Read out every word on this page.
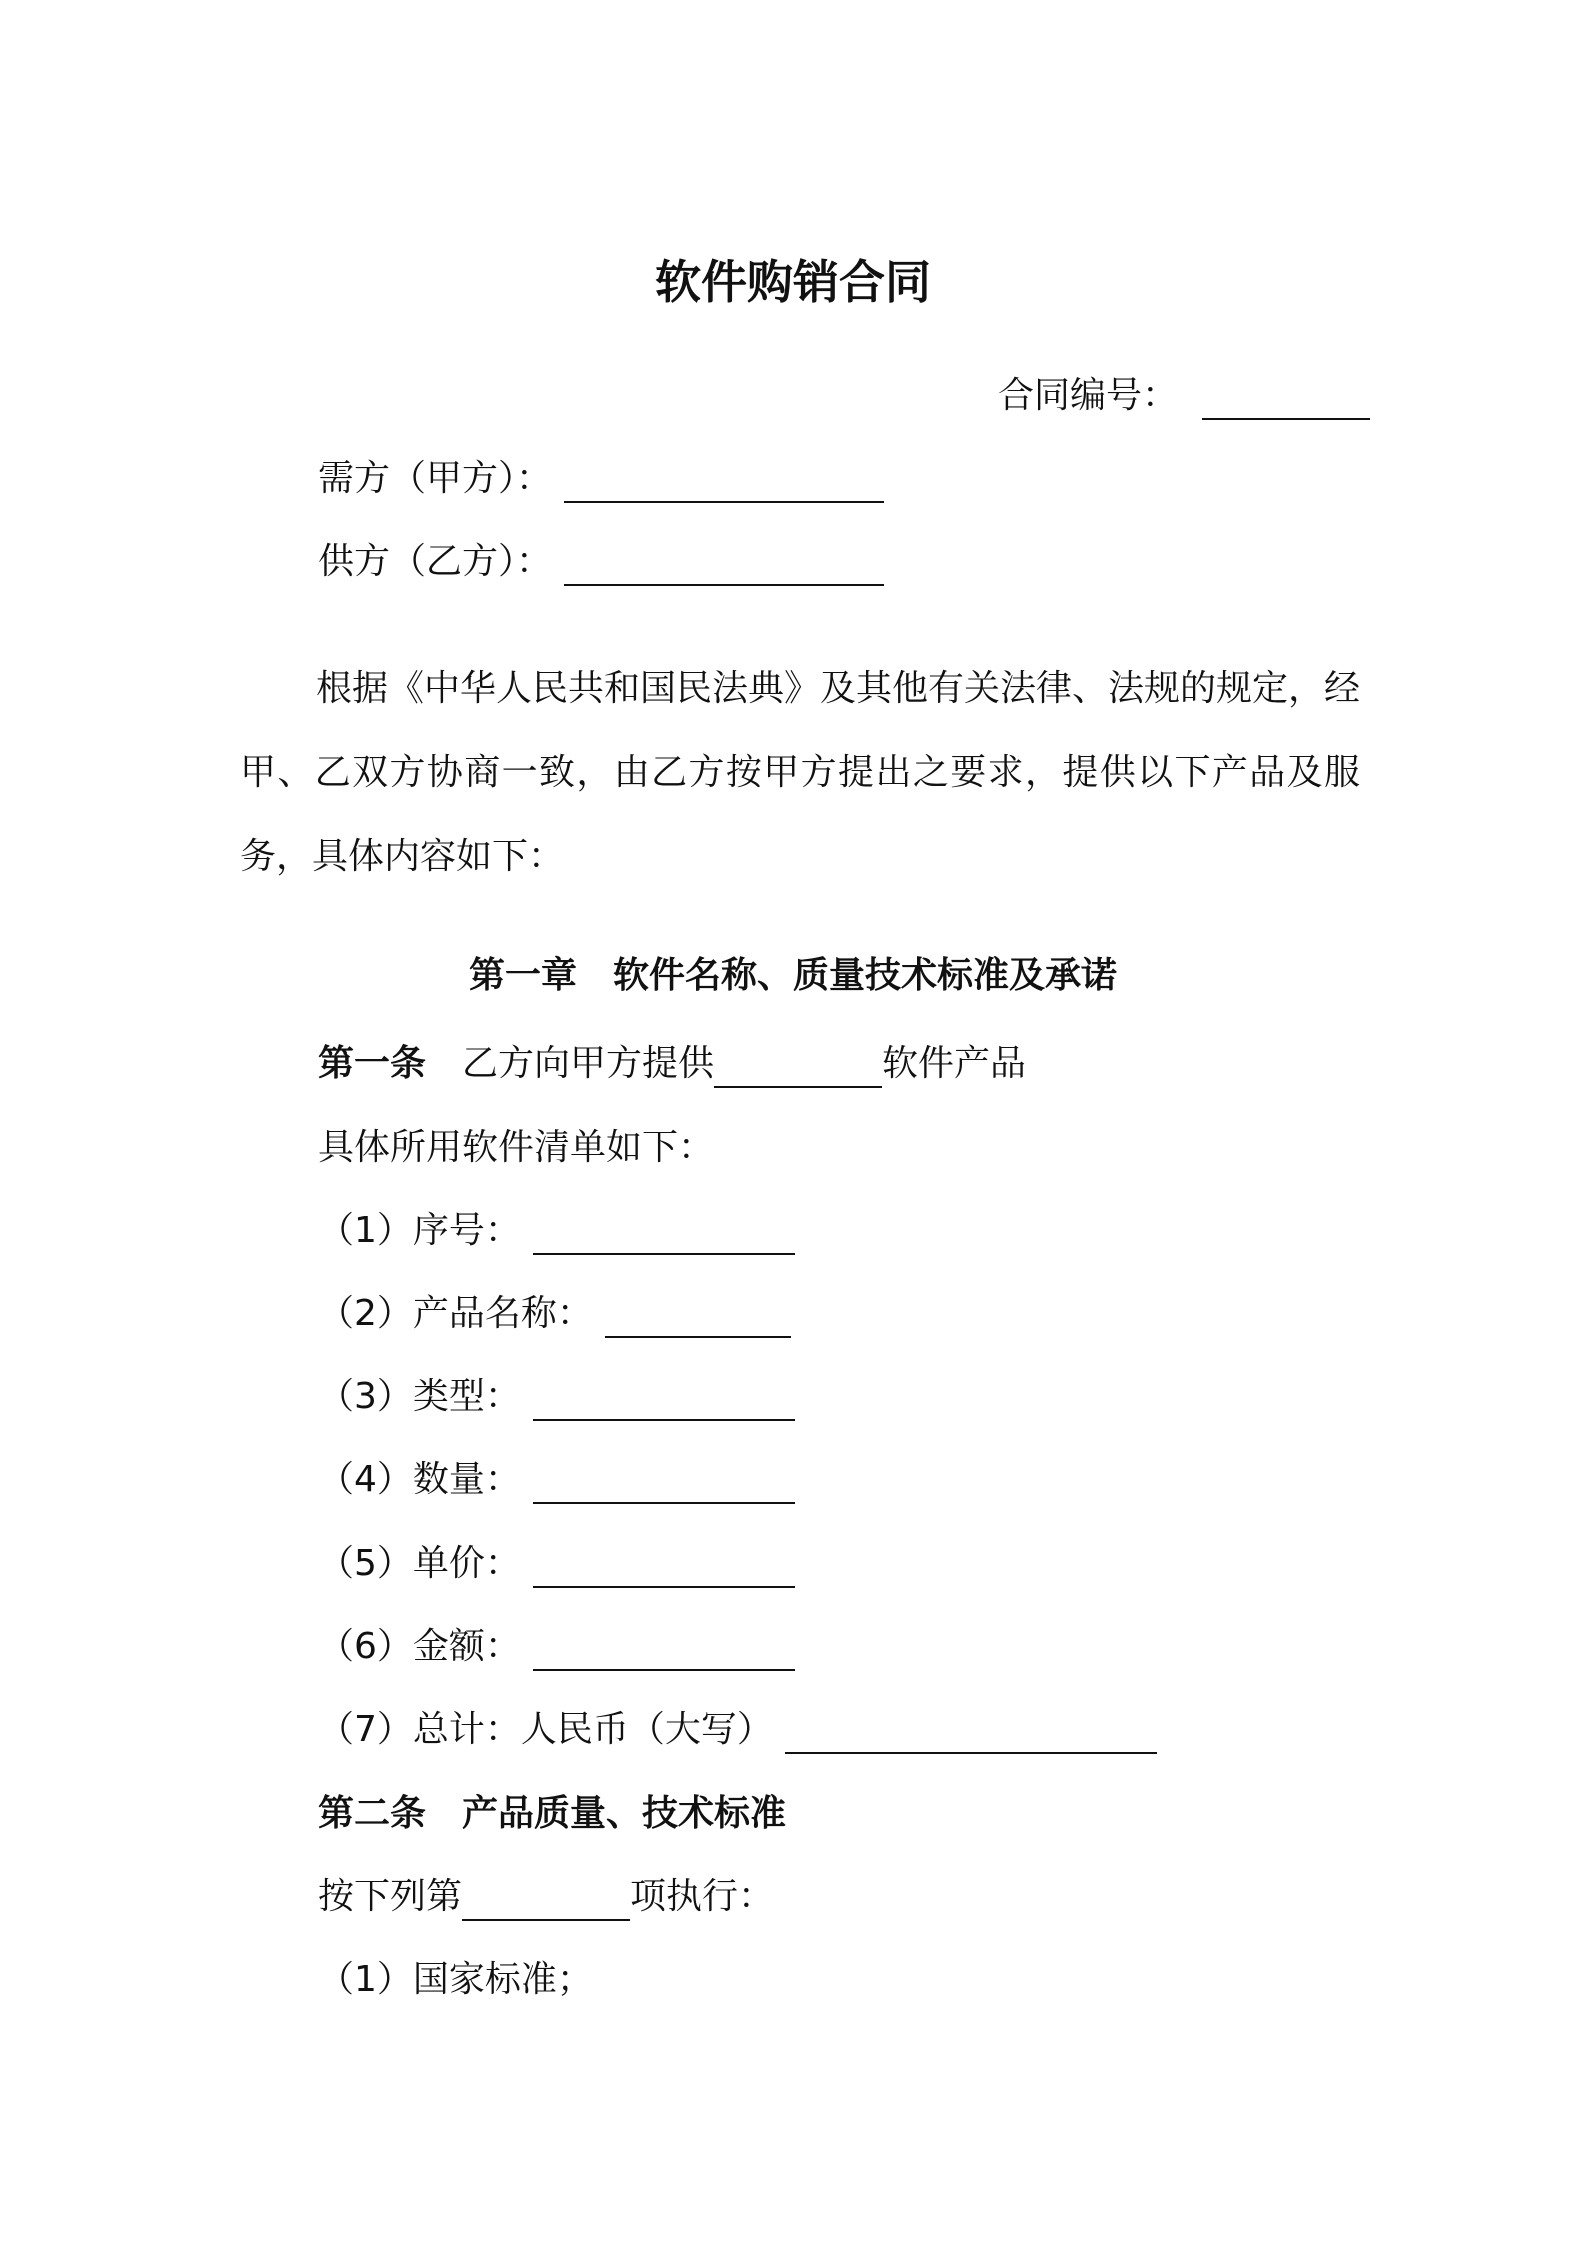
软件购销合同
合同编号：
需方（甲方）：
供方（乙方）：
根据《中华人民共和国民法典》及其他有关法律、法规的规定，经甲、乙双方协商一致，由乙方按甲方提出之要求，提供以下产品及服务，具体内容如下：
第一章　软件名称、质量技术标准及承诺
第一条 乙方向甲方提供	软件产品
具体所用软件清单如下：
（1）序号：
（2）产品名称：
（3）类型：
（4）数量：
（5）单价：
（6）金额：
（7）总计：人民币（大写）
第二条 产品质量、技术标准
按下列第	项执行：
（1）国家标准；
